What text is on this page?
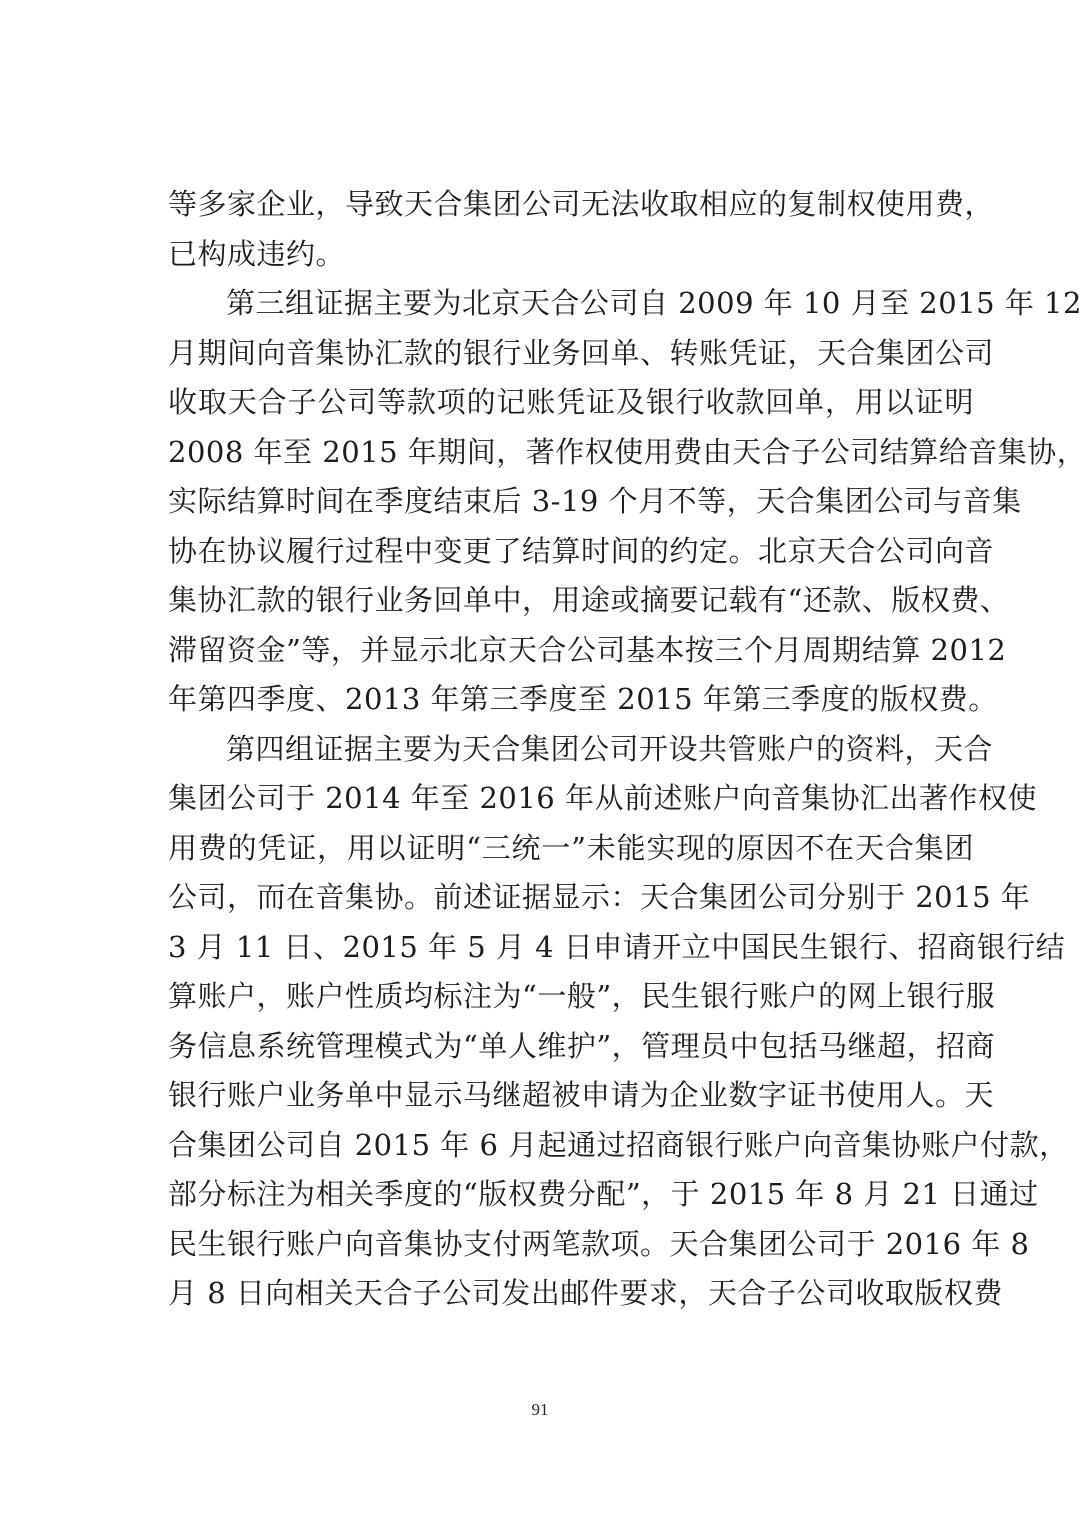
等多家企业，导致天合集团公司无法收取相应的复制权使用费，
已构成违约。
第三组证据主要为北京天合公司自 2009 年 10 月至 2015 年 12
月期间向音集协汇款的银行业务回单、转账凭证，天合集团公司
收取天合子公司等款项的记账凭证及银行收款回单，用以证明
2008 年至 2015 年期间，著作权使用费由天合子公司结算给音集协，
实际结算时间在季度结束后 3-19 个月不等，天合集团公司与音集
协在协议履行过程中变更了结算时间的约定。北京天合公司向音
集协汇款的银行业务回单中，用途或摘要记载有“还款、版权费、
滞留资金”等，并显示北京天合公司基本按三个月周期结算 2012
年第四季度、2013 年第三季度至 2015 年第三季度的版权费。
第四组证据主要为天合集团公司开设共管账户的资料，天合
集团公司于 2014 年至 2016 年从前述账户向音集协汇出著作权使
用费的凭证，用以证明“三统一”未能实现的原因不在天合集团
公司，而在音集协。前述证据显示：天合集团公司分别于 2015 年
3 月 11 日、2015 年 5 月 4 日申请开立中国民生银行、招商银行结
算账户，账户性质均标注为“一般”，民生银行账户的网上银行服
务信息系统管理模式为“单人维护”，管理员中包括马继超，招商
银行账户业务单中显示马继超被申请为企业数字证书使用人。天
合集团公司自 2015 年 6 月起通过招商银行账户向音集协账户付款，
部分标注为相关季度的“版权费分配”，于 2015 年 8 月 21 日通过
民生银行账户向音集协支付两笔款项。天合集团公司于 2016 年 8
月 8 日向相关天合子公司发出邮件要求，天合子公司收取版权费
91
